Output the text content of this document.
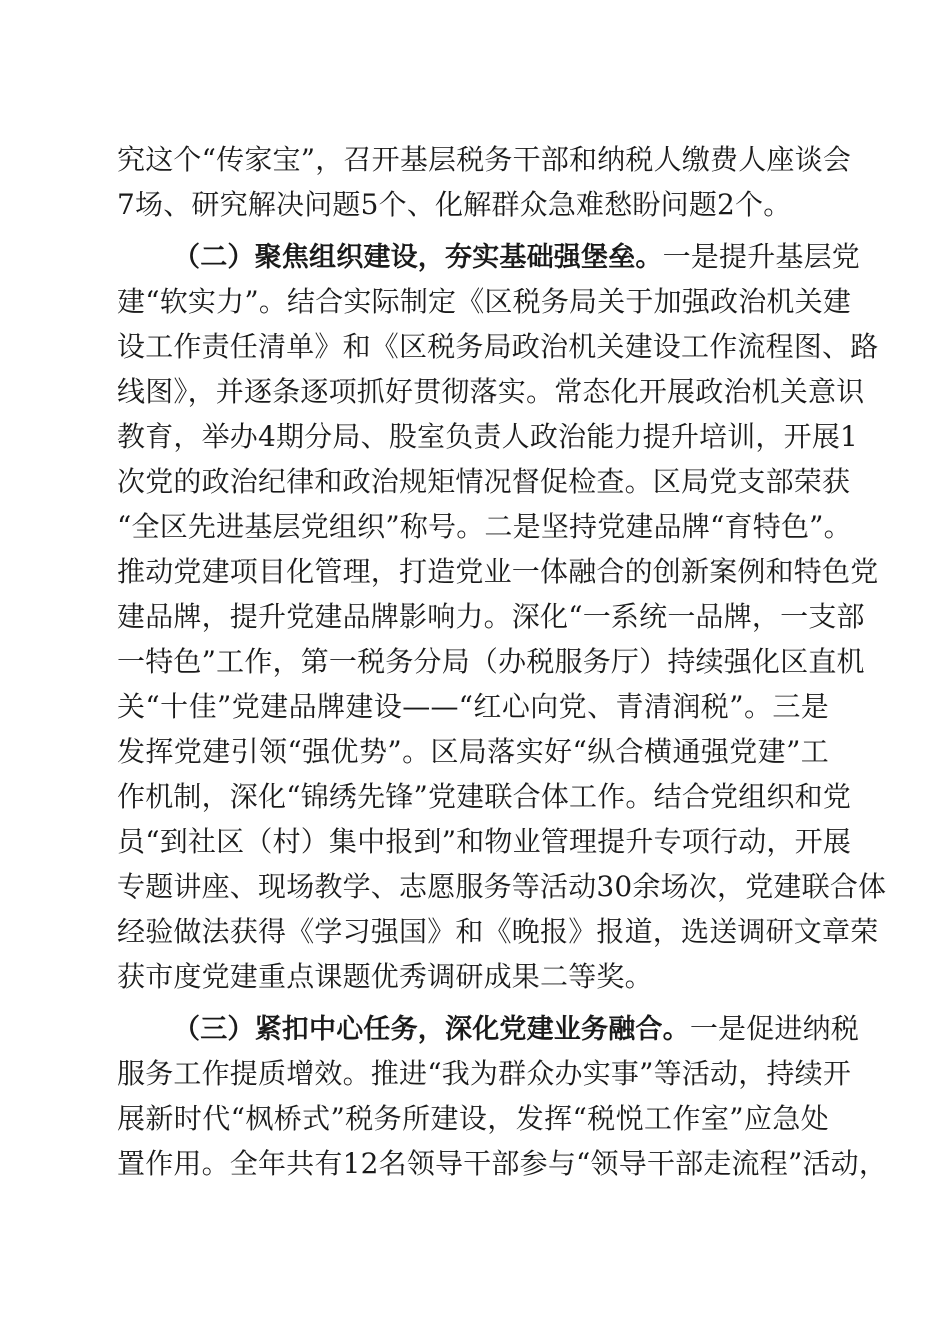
究这个“传家宝”，召开基层税务干部和纳税人缴费人座谈会
7场、研究解决问题5个、化解群众急难愁盼问题2个。
（二）聚焦组织建设，夯实基础强堡垒。一是提升基层党
建“软实力”。结合实际制定《区税务局关于加强政治机关建
设工作责任清单》和《区税务局政治机关建设工作流程图、路
线图》，并逐条逐项抓好贯彻落实。常态化开展政治机关意识
教育，举办4期分局、股室负责人政治能力提升培训，开展1
次党的政治纪律和政治规矩情况督促检查。区局党支部荣获
“全区先进基层党组织”称号。二是坚持党建品牌“育特色”。
推动党建项目化管理，打造党业一体融合的创新案例和特色党
建品牌，提升党建品牌影响力。深化“一系统一品牌，一支部
一特色”工作，第一税务分局（办税服务厅）持续强化区直机
关“十佳”党建品牌建设——“红心向党、青清润税”。三是
发挥党建引领“强优势”。区局落实好“纵合横通强党建”工
作机制，深化“锦绣先锋”党建联合体工作。结合党组织和党
员“到社区（村）集中报到”和物业管理提升专项行动，开展
专题讲座、现场教学、志愿服务等活动30余场次，党建联合体
经验做法获得《学习强国》和《晚报》报道，选送调研文章荣
获市度党建重点课题优秀调研成果二等奖。
（三）紧扣中心任务，深化党建业务融合。一是促进纳税
服务工作提质增效。推进“我为群众办实事”等活动，持续开
展新时代“枫桥式”税务所建设，发挥“税悦工作室”应急处
置作用。全年共有12名领导干部参与“领导干部走流程”活动，
